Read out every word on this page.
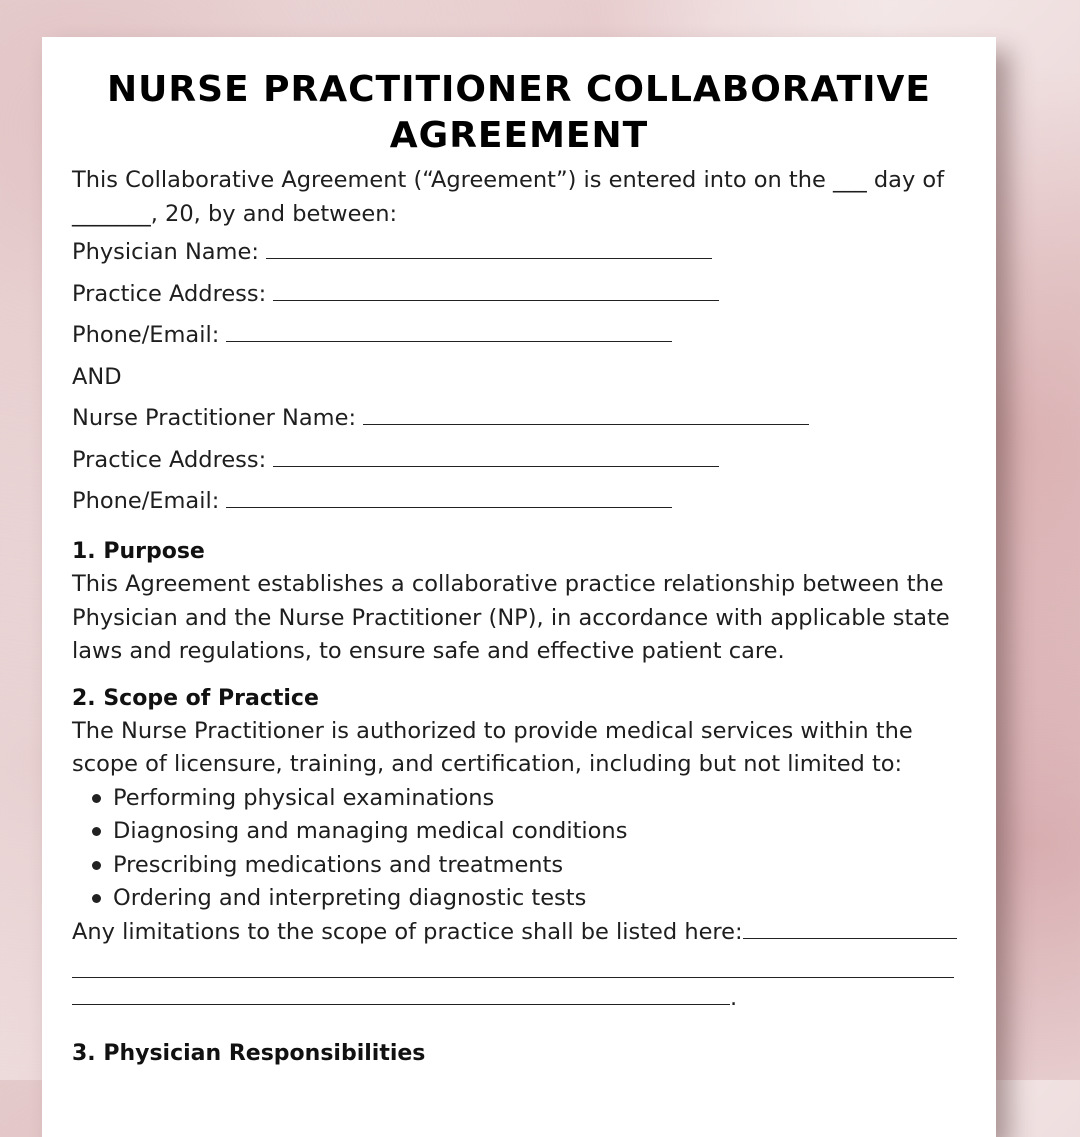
NURSE PRACTITIONER COLLABORATIVE
AGREEMENT

This Collaborative Agreement (“Agreement”) is entered into on the ___ day of

_______, 20, by and between:

Physician Name:

Practice Address:

Phone/Email:

AND

Nurse Practitioner Name:

Practice Address:

Phone/Email:

1. Purpose

This Agreement establishes a collaborative practice relationship between the

Physician and the Nurse Practitioner (NP), in accordance with applicable state

laws and regulations, to ensure safe and effective patient care.

2. Scope of Practice

The Nurse Practitioner is authorized to provide medical services within the

scope of licensure, training, and certification, including but not limited to:

Performing physical examinations
Diagnosing and managing medical conditions
Prescribing medications and treatments
Ordering and interpreting diagnostic tests

Any limitations to the scope of practice shall be listed here:

.

3. Physician Responsibilities
